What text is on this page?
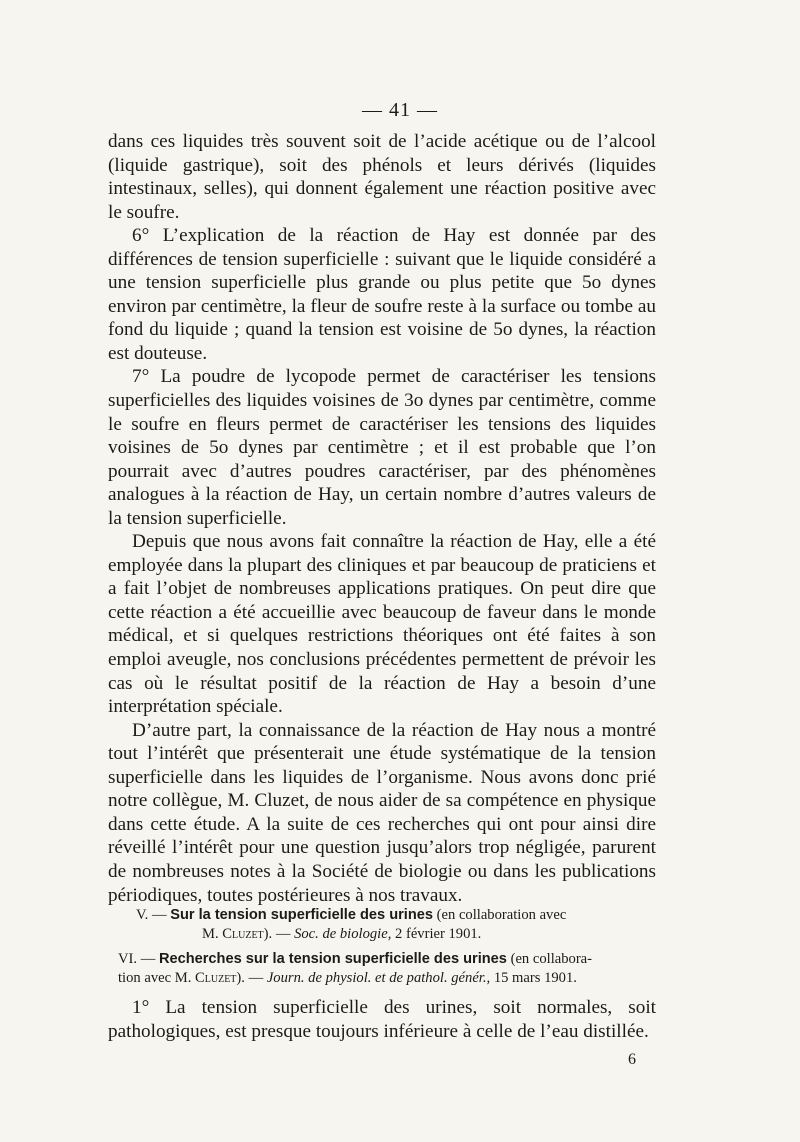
— 41 —

dans ces liquides très souvent soit de l’acide acétique ou de l’alcool (liquide gastrique), soit des phénols et leurs dérivés (liquides intestinaux, selles), qui donnent également une réaction positive avec le soufre.

6° L’explication de la réaction de Hay est donnée par des différences de tension superficielle : suivant que le liquide considéré a une tension superficielle plus grande ou plus petite que 5o dynes environ par centimètre, la fleur de soufre reste à la surface ou tombe au fond du liquide ; quand la tension est voisine de 5o dynes, la réaction est douteuse.

7° La poudre de lycopode permet de caractériser les tensions superficielles des liquides voisines de 3o dynes par centimètre, comme le soufre en fleurs permet de caractériser les tensions des liquides voisines de 5o dynes par centimètre ; et il est probable que l’on pourrait avec d’autres poudres caractériser, par des phénomènes analogues à la réaction de Hay, un certain nombre d’autres valeurs de la tension superficielle.

Depuis que nous avons fait connaître la réaction de Hay, elle a été employée dans la plupart des cliniques et par beaucoup de praticiens et a fait l’objet de nombreuses applications pratiques. On peut dire que cette réaction a été accueillie avec beaucoup de faveur dans le monde médical, et si quelques restrictions théoriques ont été faites à son emploi aveugle, nos conclusions précédentes permettent de prévoir les cas où le résultat positif de la réaction de Hay a besoin d’une interprétation spéciale.

D’autre part, la connaissance de la réaction de Hay nous a montré tout l’intérêt que présenterait une étude systématique de la tension superficielle dans les liquides de l’organisme. Nous avons donc prié notre collègue, M. Cluzet, de nous aider de sa compétence en physique dans cette étude. A la suite de ces recherches qui ont pour ainsi dire réveillé l’intérêt pour une question jusqu’alors trop négligée, parurent de nombreuses notes à la Société de biologie ou dans les publications périodiques, toutes postérieures à nos travaux.

V. — Sur la tension superficielle des urines (en collaboration avec
M. Cluzet). — Soc. de biologie, 2 février 1901.
VI. — Recherches sur la tension superficielle des urines (en collabora-
tion avec M. Cluzet). — Journ. de physiol. et de pathol. génér., 15 mars 1901.
1° La tension superficielle des urines, soit normales, soit pathologiques, est presque toujours inférieure à celle de l’eau distillée.
6
